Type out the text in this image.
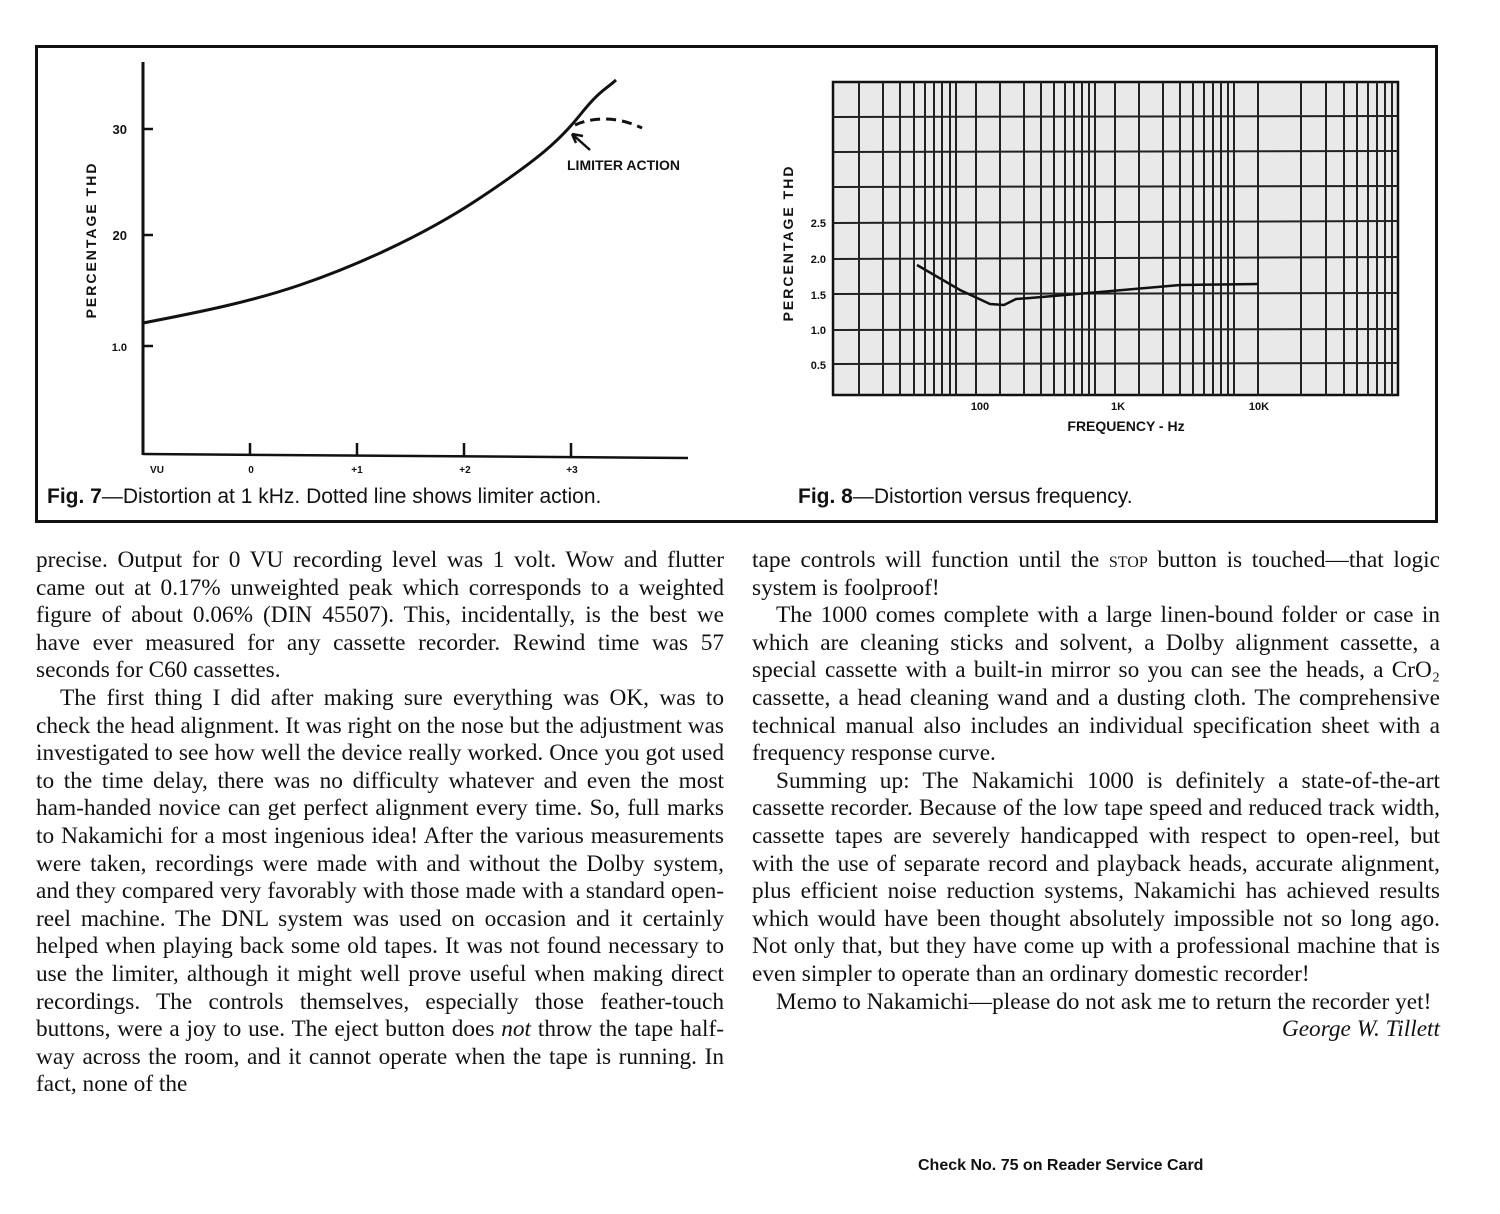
PERCENTAGE THD
30
20
1.0
VU	0	+1	+2	+3
LIMITER ACTION
Fig. 7—Distortion at 1 kHz. Dotted line shows limiter action.
PERCENTAGE THD 2.5
2.0
1.5
1.0
0.5
100	1K	10K
FREQUENCY - Hz
Fig. 8—Distortion versus frequency.

precise. Output for 0 VU recording level was 1 volt. Wow and flutter came out at 0.17% unweighted peak which corresponds to a weighted figure of about 0.06% (DIN 45507). This, incidentally, is the best we have ever measured for any cassette recorder. Rewind time was 57 seconds for C60 cassettes.

The first thing I did after making sure everything was OK, was to check the head alignment. It was right on the nose but the adjustment was investigated to see how well the device really worked. Once you got used to the time delay, there was no difficulty whatever and even the most ham-handed novice can get perfect alignment every time. So, full marks to Nakamichi for a most ingenious idea! After the various measurements were taken, recordings were made with and without the Dolby system, and they compared very favorably with those made with a standard open-reel machine. The DNL system was used on occasion and it certainly helped when playing back some old tapes. It was not found necessary to use the limiter, although it might well prove useful when making direct recordings. The controls themselves, especially those feather-touch buttons, were a joy to use. The eject button does not throw the tape half-way across the room, and it cannot operate when the tape is running. In fact, none of the

tape controls will function until the stop button is touched—that logic system is foolproof!

The 1000 comes complete with a large linen-bound folder or case in which are cleaning sticks and solvent, a Dolby alignment cassette, a special cassette with a built-in mirror so you can see the heads, a CrO₂ cassette, a head cleaning wand and a dusting cloth. The comprehensive technical manual also includes an individual specification sheet with a frequency response curve.

Summing up: The Nakamichi 1000 is definitely a state-of-the-art cassette recorder. Because of the low tape speed and reduced track width, cassette tapes are severely handicapped with respect to open-reel, but with the use of separate record and playback heads, accurate alignment, plus efficient noise reduction systems, Nakamichi has achieved results which would have been thought absolutely impossible not so long ago. Not only that, but they have come up with a professional machine that is even simpler to operate than an ordinary domestic recorder!

Memo to Nakamichi—please do not ask me to return the recorder yet!
George W. Tillett

Check No. 75 on Reader Service Card
